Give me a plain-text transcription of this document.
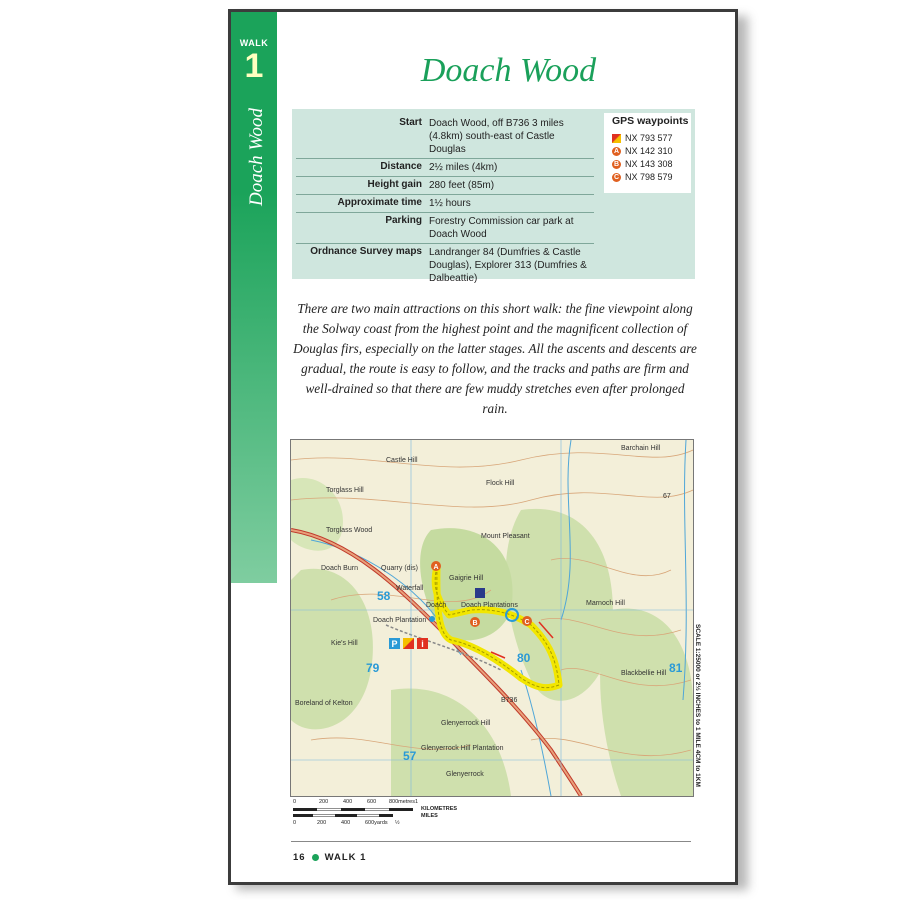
WALK
1
Doach Wood
Doach Wood
Start Doach Wood, off B736 3 miles (4.8km) south-east of Castle Douglas
Distance 2½ miles (4km)
Height gain 280 feet (85m)
Approximate time 1½ hours
Parking Forestry Commission car park at Doach Wood
Ordnance Survey maps Landranger 84 (Dumfries & Castle Douglas), Explorer 313 (Dumfries & Dalbeattie)
GPS waypoints
NX 793 577
A NX 142 310
B NX 143 308
C NX 798 579
There are two main attractions on this short walk: the fine viewpoint along the Solway coast from the highest point and the magnificent collection of Douglas firs, especially on the latter stages. All the ascents and descents are gradual, the route is easy to follow, and the tracks and paths are firm and well-drained so that there are few muddy stretches even after prolonged rain.
A
B	C
P	i
Castle Hill
Flock Hill
Torglass Hill
Torglass Wood
Mount Pleasant
Gaigrie Hill
Quarry (dis)
Waterfall
Doach Plantations
Doach
Doach Plantation
Kie's Hill
Marnoch Hill
Blackbellie Hill
Boreland of Kelton
Glenyerrock Hill
Glenyerrock Hill Plantation
Glenyerrock
Barchain Hill
Doach Burn
67
B736
58
57
79
80
81 SCALE 1:25000 or 2½ INCHES to 1 MILE 4CM to 1KM
0	200	400	600 800metres 1
KILOMETRES
MILES
0	200	400	600yards ½
16 WALK 1
